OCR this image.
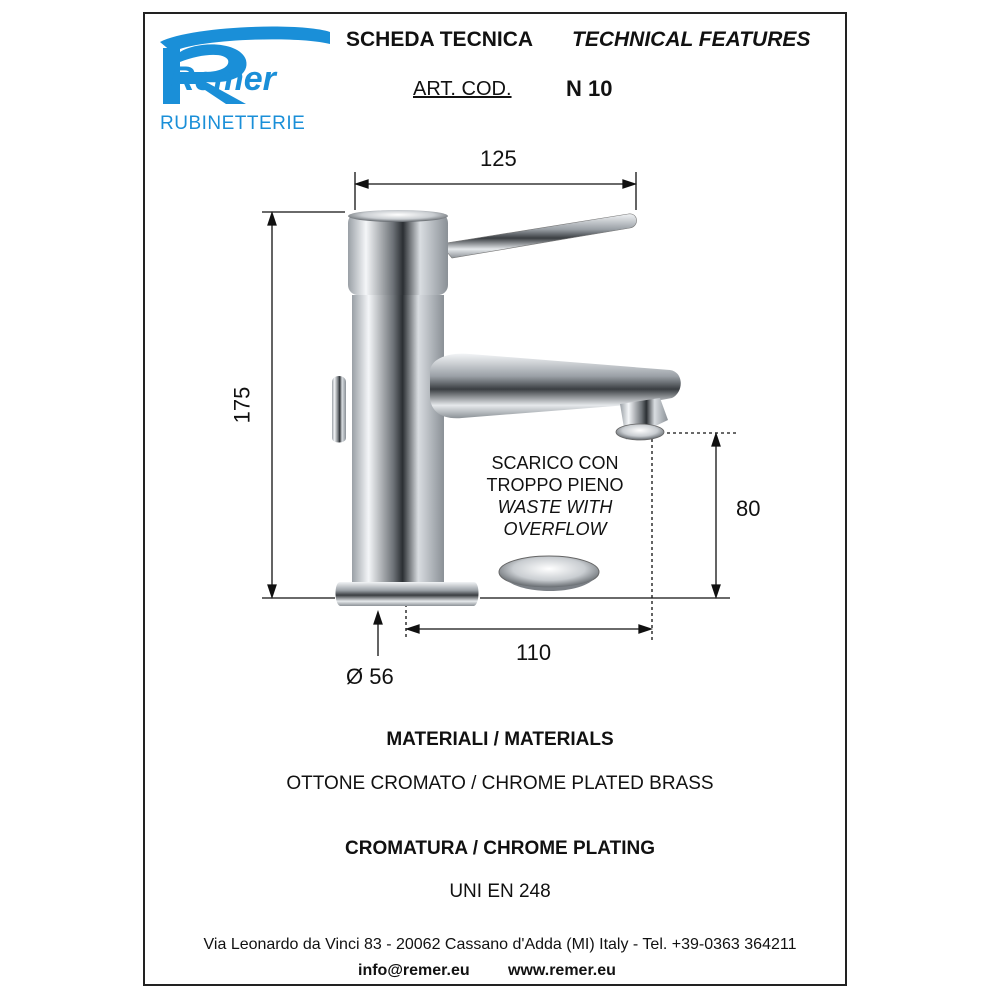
Remer
RUBINETTERIE
SCHEDA TECNICA TECHNICAL FEATURES
ART. COD. N 10
125
175
80
110
Ø 56
SCARICO CON
TROPPO PIENO
WASTE WITH
OVERFLOW
MATERIALI / MATERIALS
OTTONE CROMATO / CHROME PLATED BRASS
CROMATURA / CHROME PLATING
UNI EN 248
Via Leonardo da Vinci 83 - 20062 Cassano d'Adda (MI) Italy - Tel. +39-0363 364211
info@remer.eu www.remer.eu
